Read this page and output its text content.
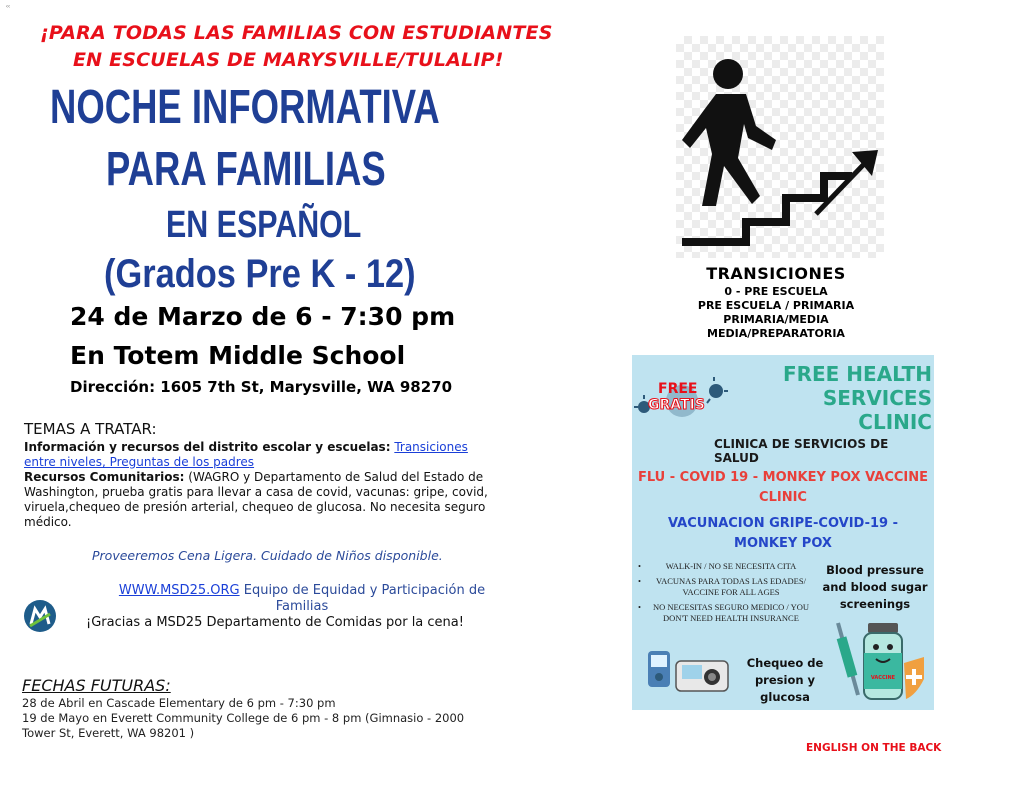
‹‹
¡PARA TODAS LAS FAMILIAS CON ESTUDIANTES
EN ESCUELAS DE MARYSVILLE/TULALIP!
NOCHE INFORMATIVA
PARA FAMILIAS
EN ESPAÑOL
(Grados Pre K - 12)
24 de Marzo de 6 - 7:30 pm
En Totem Middle School
Dirección: 1605 7th St, Marysville, WA 98270
TEMAS A TRATAR:
Información y recursos del distrito escolar y escuelas: Transiciones entre niveles, Preguntas de los padres
Recursos Comunitarios: (WAGRO y Departamento de Salud del Estado de Washington, prueba gratis para llevar a casa de covid, vacunas: gripe, covid, viruela,chequeo de presión arterial, chequeo de glucosa. No necesita seguro médico.
Proveeremos Cena Ligera. Cuidado de Niños disponible.
WWW.MSD25.ORG Equipo de Equidad y Participación de
Familias
¡Gracias a MSD25 Departamento de Comidas por la cena!
FECHAS FUTURAS:
28 de Abril en Cascade Elementary de 6 pm - 7:30 pm
19 de Mayo en Everett Community College de 6 pm - 8 pm (Gimnasio - 2000
Tower St, Everett, WA 98201 )
TRANSICIONES
0 - PRE ESCUELA
PRE ESCUELA / PRIMARIA
PRIMARIA/MEDIA
MEDIA/PREPARATORIA
FREE
GRATIS
FREE HEALTH
SERVICES
CLINIC
CLINICA DE SERVICIOS DE SALUD
FLU - COVID 19 - MONKEY POX VACCINE
CLINIC
VACUNACION GRIPE-COVID-19 -
MONKEY POX
•	WALK-IN / NO SE NECESITA CITA
•	VACUNAS PARA TODAS LAS EDADES/ VACCINE FOR ALL AGES
•	NO NECESITAS SEGURO MEDICO / YOU DON'T NEED HEALTH INSURANCE
Blood pressure
and blood sugar
screenings
Chequeo de
presion y glucosa
VACCINE
ENGLISH ON THE BACK
